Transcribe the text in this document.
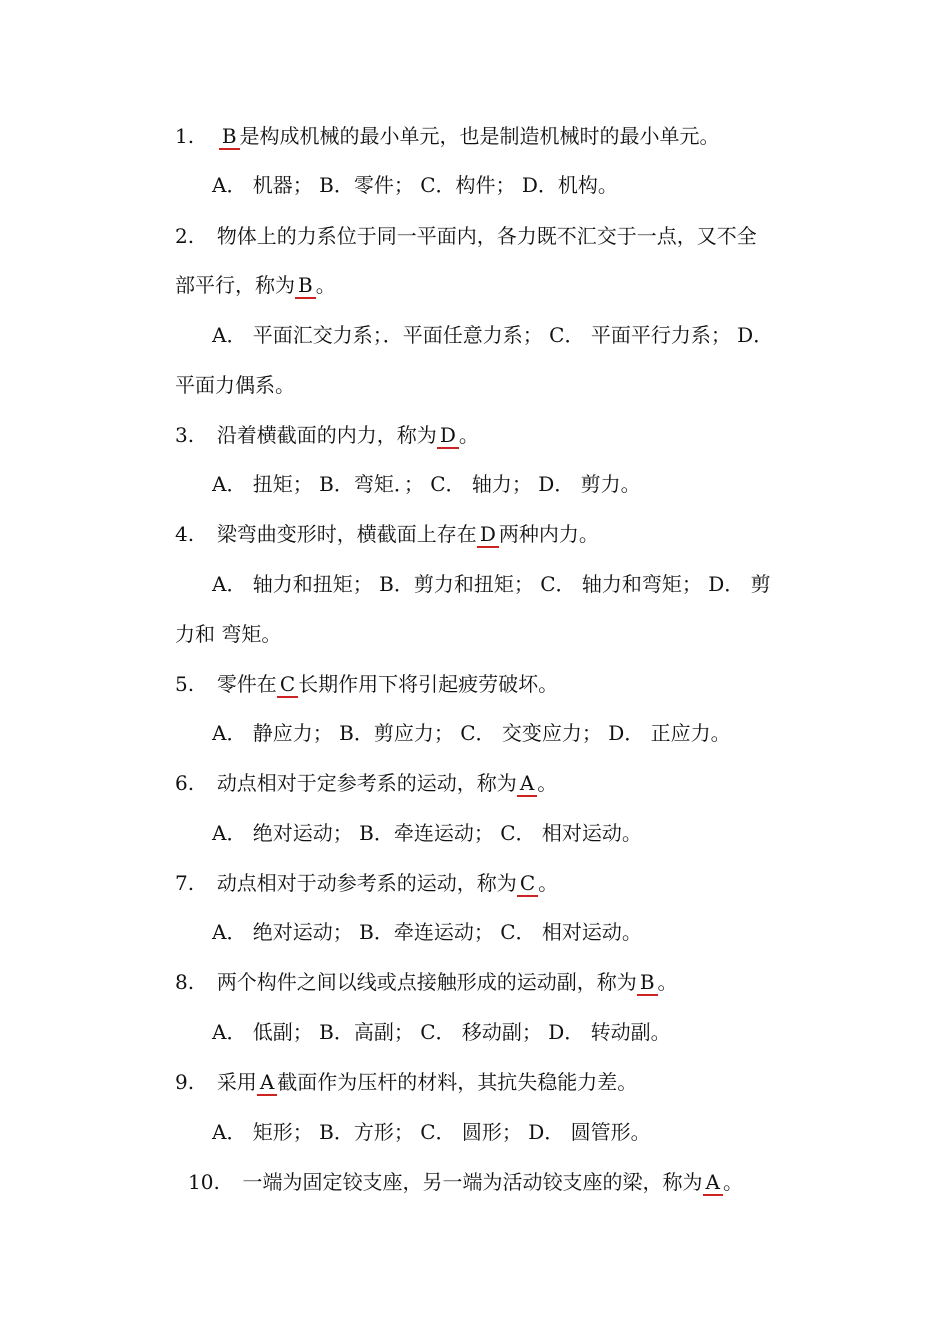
1. B 是构成机械的最小单元，也是制造机械时的最小单元。
A． 机器； B．零件； C．构件； D．机构。
2. 物体上的力系位于同一平面内，各力既不汇交于一点，又不全
部平行，称为 B 。
A． 平面汇交力系；．平面任意力系； C． 平面平行力系； D．
平面力偶系。
3. 沿着横截面的内力，称为 D 。
A． 扭矩； B．弯矩．； C． 轴力； D． 剪力。
4. 梁弯曲变形时，横截面上存在 D 两种内力。
A． 轴力和扭矩； B．剪力和扭矩； C． 轴力和弯矩； D． 剪
力和 弯矩。
5. 零件在 C 长期作用下将引起疲劳破坏。
A． 静应力； B．剪应力； C． 交变应力； D． 正应力。
6. 动点相对于定参考系的运动，称为 A 。
A． 绝对运动； B．牵连运动； C． 相对运动。
7. 动点相对于动参考系的运动，称为 C 。
A． 绝对运动； B．牵连运动； C． 相对运动。
8. 两个构件之间以线或点接触形成的运动副，称为 B 。
A． 低副； B．高副； C． 移动副； D． 转动副。
9. 采用 A 截面作为压杆的材料，其抗失稳能力差。
A． 矩形； B．方形； C． 圆形； D． 圆管形。
10. 一端为固定铰支座，另一端为活动铰支座的梁，称为 A 。
